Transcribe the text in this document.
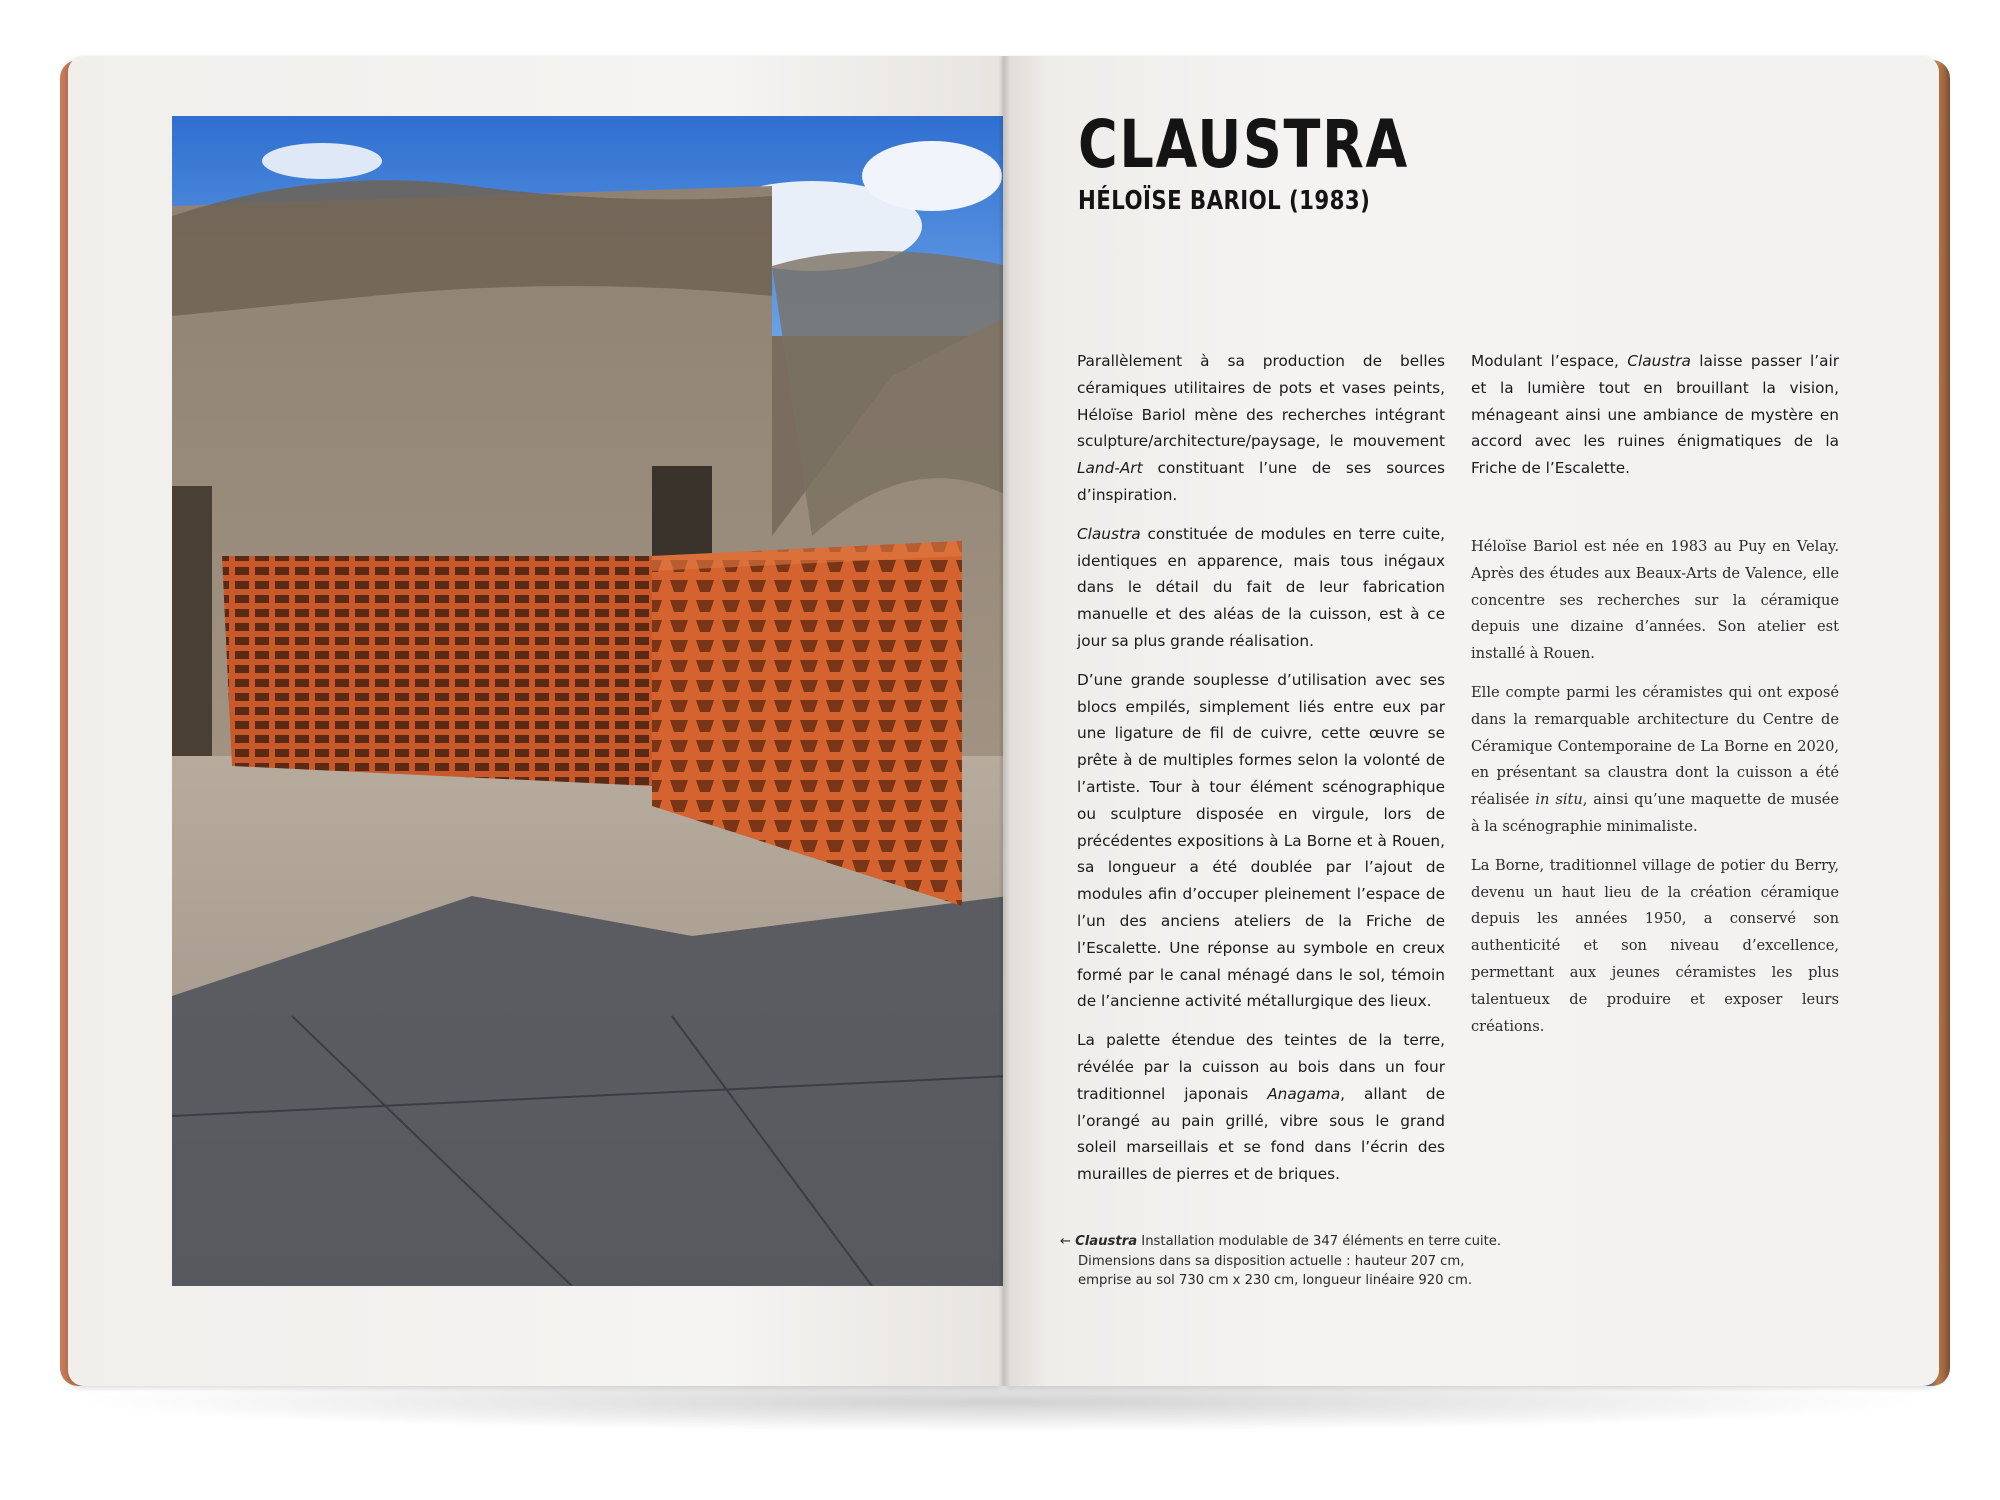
CLAUSTRA
HÉLOÏSE BARIOL (1983)

Parallèlement à sa production de belles céramiques utilitaires de pots et vases peints, Héloïse Bariol mène des recherches intégrant sculpture/architecture/paysage, le mouvement Land-Art constituant l’une de ses sources d’inspiration.

Claustra constituée de modules en terre cuite, identiques en apparence, mais tous inégaux dans le détail du fait de leur fabrication manuelle et des aléas de la cuisson, est à ce jour sa plus grande réalisation.

D’une grande souplesse d’utilisation avec ses blocs empilés, simplement liés entre eux par une ligature de fil de cuivre, cette œuvre se prête à de multiples formes selon la volonté de l’artiste. Tour à tour élément scénographique ou sculpture disposée en virgule, lors de précédentes expositions à La Borne et à Rouen, sa longueur a été doublée par l’ajout de modules afin d’occuper pleinement l’espace de l’un des anciens ateliers de la Friche de l’Escalette. Une réponse au symbole en creux formé par le canal ménagé dans le sol, témoin de l’ancienne activité métallurgique des lieux.

La palette étendue des teintes de la terre, révélée par la cuisson au bois dans un four traditionnel japonais Anagama, allant de l’orangé au pain grillé, vibre sous le grand soleil marseillais et se fond dans l’écrin des murailles de pierres et de briques.

Modulant l’espace, Claustra laisse passer l’air et la lumière tout en brouillant la vision, ménageant ainsi une ambiance de mystère en accord avec les ruines énigmatiques de la Friche de l’Escalette.

Héloïse Bariol est née en 1983 au Puy en Velay. Après des études aux Beaux-Arts de Valence, elle concentre ses recherches sur la céramique depuis une dizaine d’années. Son atelier est installé à Rouen.

Elle compte parmi les céramistes qui ont exposé dans la remarquable architecture du Centre de Céramique Contemporaine de La Borne en 2020, en présentant sa claustra dont la cuisson a été réalisée in situ, ainsi qu’une maquette de musée à la scénographie minimaliste.

La Borne, traditionnel village de potier du Berry, devenu un haut lieu de la création céramique depuis les années 1950, a conservé son authenticité et son niveau d’excellence, permettant aux jeunes céramistes les plus talentueux de produire et exposer leurs créations.

← Claustra Installation modulable de 347 éléments en terre cuite.
Dimensions dans sa disposition actuelle : hauteur 207 cm,
emprise au sol 730 cm x 230 cm, longueur linéaire 920 cm.
